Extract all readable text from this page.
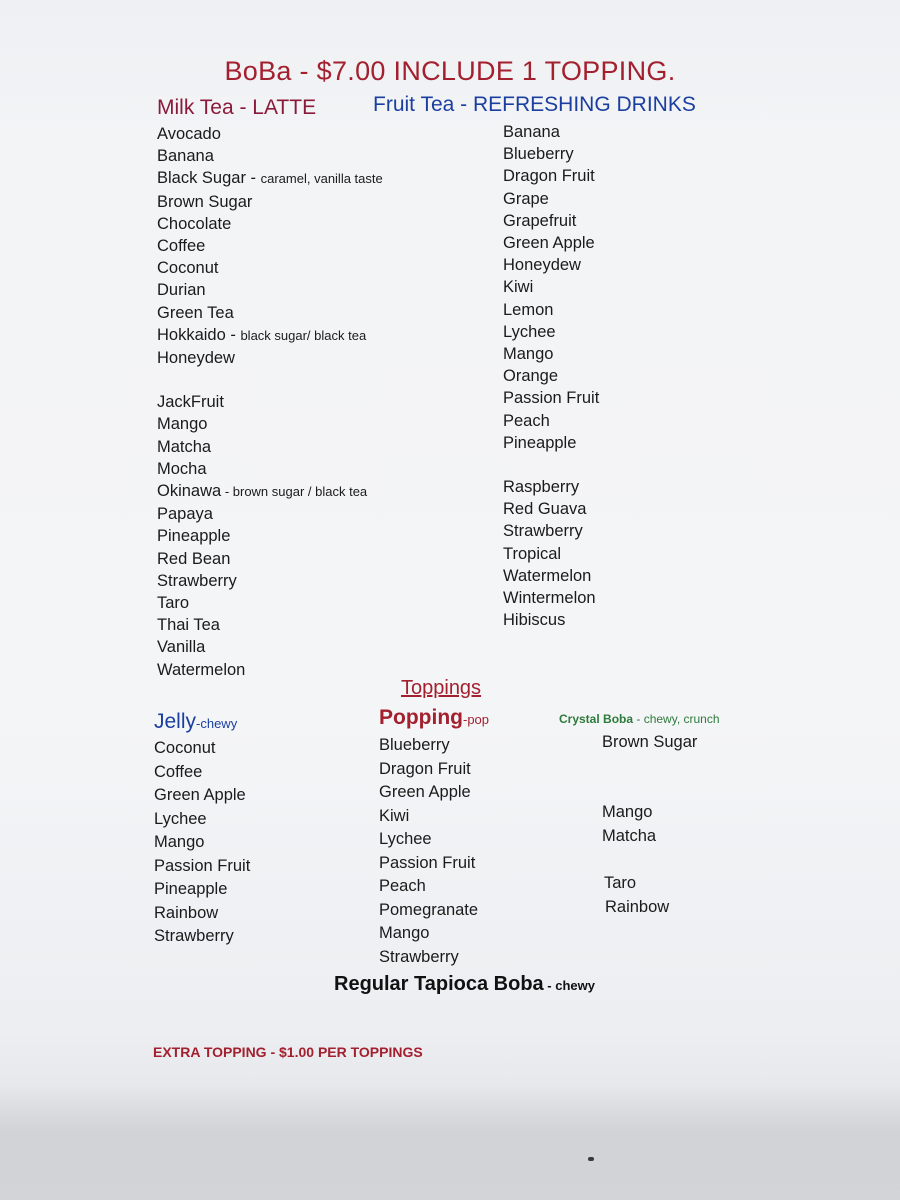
BoBa - $7.00 INCLUDE 1 TOPPING.
Milk Tea - LATTE	Fruit Tea - REFRESHING DRINKS
Avocado
Banana
Black Sugar - caramel, vanilla taste
Brown Sugar
Chocolate
Coffee
Coconut
Durian
Green Tea
Hokkaido - black sugar/ black tea
Honeydew
JackFruit
Mango
Matcha
Mocha
Okinawa - brown sugar / black tea
Papaya
Pineapple
Red Bean
Strawberry
Taro
Thai Tea
Vanilla
Watermelon
Banana
Blueberry
Dragon Fruit
Grape
Grapefruit
Green Apple
Honeydew
Kiwi
Lemon
Lychee
Mango
Orange
Passion Fruit
Peach
Pineapple
Raspberry
Red Guava
Strawberry
Tropical
Watermelon
Wintermelon
Hibiscus
Toppings
Jelly-chewy	Popping-pop	Crystal Boba - chewy, crunch
Coconut
Coffee
Green Apple
Lychee
Mango
Passion Fruit
Pineapple
Rainbow
Strawberry
Blueberry
Dragon Fruit
Green Apple
Kiwi
Lychee
Passion Fruit
Peach
Pomegranate
Mango
Strawberry
Brown Sugar
Mango
Matcha
Taro
Rainbow

Regular Tapioca Boba - chewy

EXTRA TOPPING - $1.00 PER TOPPINGS
